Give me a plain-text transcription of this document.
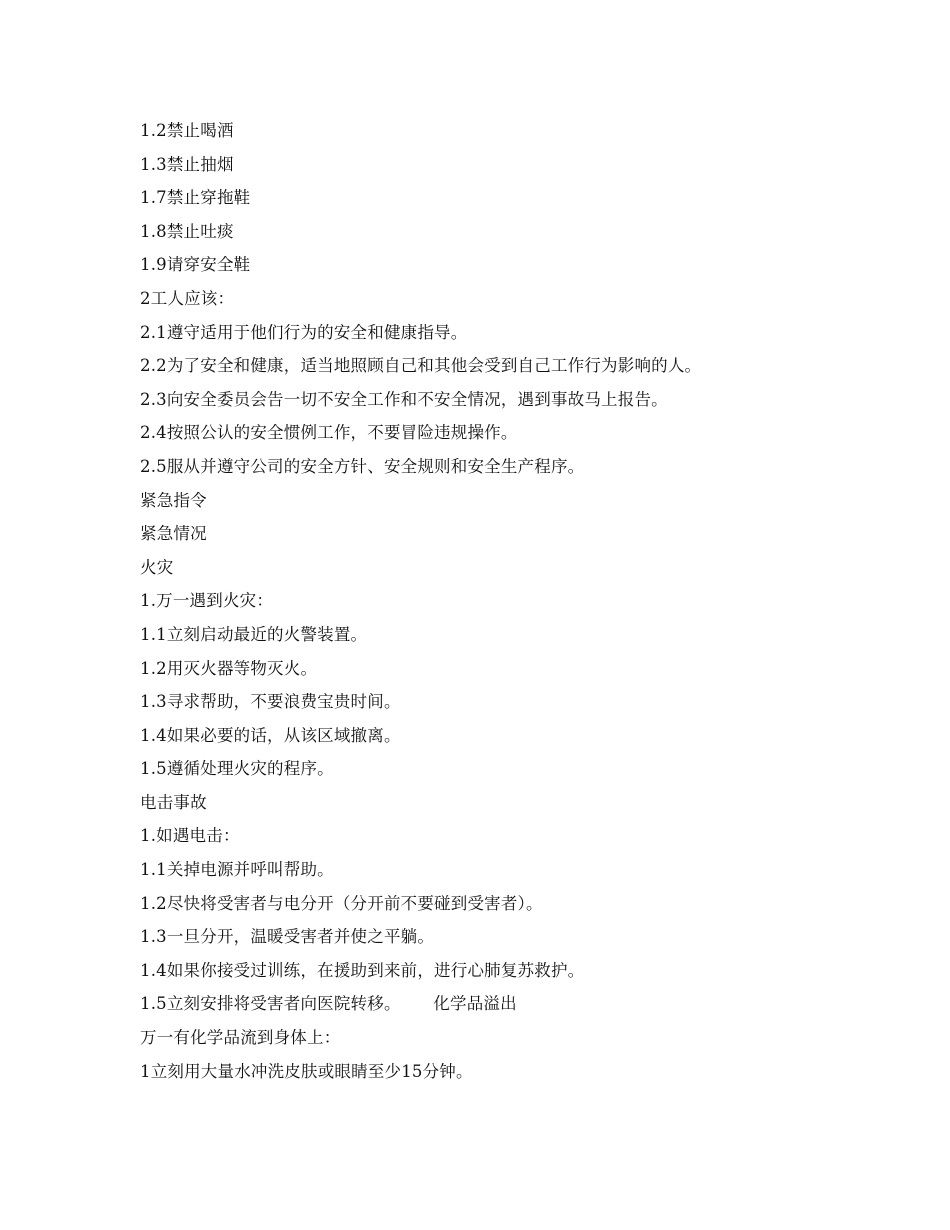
1.2禁止喝酒
1.3禁止抽烟
1.7禁止穿拖鞋
1.8禁止吐痰
1.9请穿安全鞋
2工人应该：
2.1遵守适用于他们行为的安全和健康指导。
2.2为了安全和健康，适当地照顾自己和其他会受到自己工作行为影响的人。
2.3向安全委员会告一切不安全工作和不安全情况，遇到事故马上报告。
2.4按照公认的安全惯例工作，不要冒险违规操作。
2.5服从并遵守公司的安全方针、安全规则和安全生产程序。
紧急指令
紧急情况
火灾
1.万一遇到火灾：
1.1立刻启动最近的火警装置。
1.2用灭火器等物灭火。
1.3寻求帮助，不要浪费宝贵时间。
1.4如果必要的话，从该区域撤离。
1.5遵循处理火灾的程序。
电击事故
1.如遇电击：
1.1关掉电源并呼叫帮助。
1.2尽快将受害者与电分开（分开前不要碰到受害者）。
1.3一旦分开，温暖受害者并使之平躺。
1.4如果你接受过训练，在援助到来前，进行心肺复苏救护。
1.5立刻安排将受害者向医院转移。      化学品溢出
万一有化学品流到身体上：
1立刻用大量水冲洗皮肤或眼睛至少15分钟。
